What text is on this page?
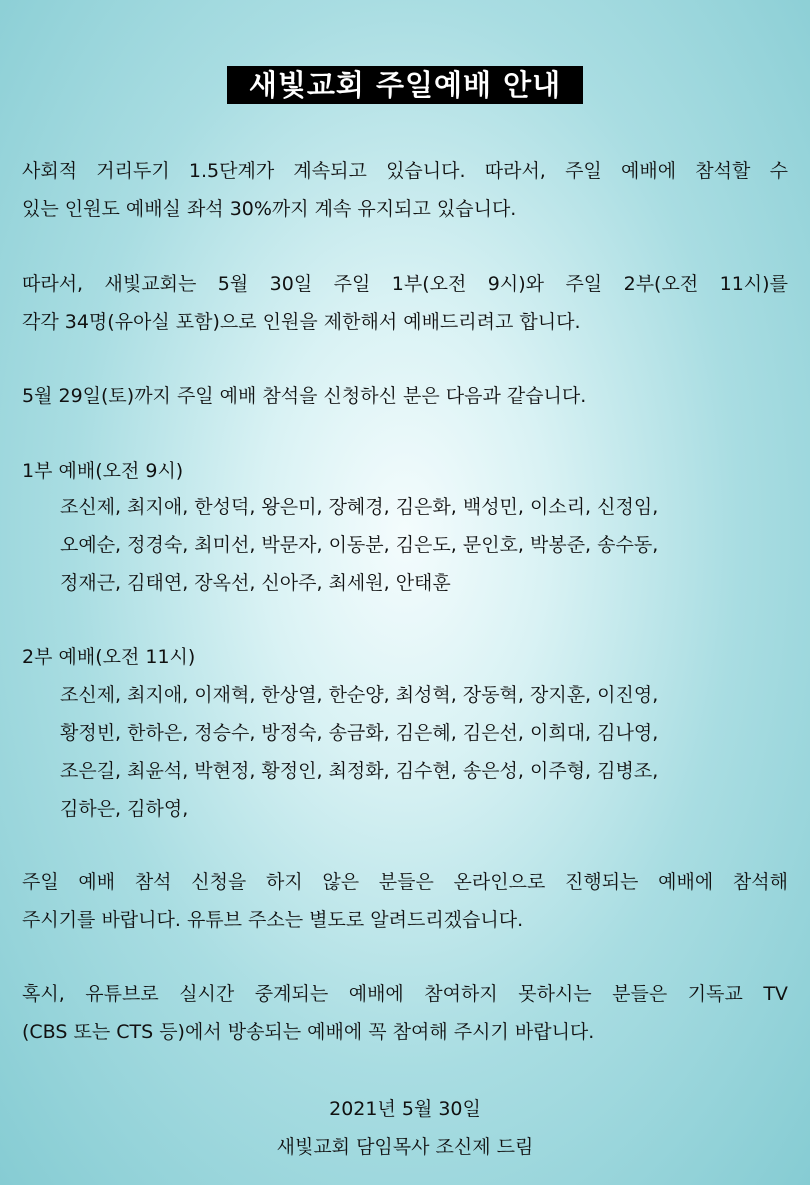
새빛교회 주일예배 안내
사회적 거리두기 1.5단계가 계속되고 있습니다. 따라서, 주일 예배에 참석할 수
있는 인원도 예배실 좌석 30%까지 계속 유지되고 있습니다.
따라서, 새빛교회는 5월 30일 주일 1부(오전 9시)와 주일 2부(오전 11시)를
각각 34명(유아실 포함)으로 인원을 제한해서 예배드리려고 합니다.
5월 29일(토)까지 주일 예배 참석을 신청하신 분은 다음과 같습니다.
1부 예배(오전 9시)
조신제, 최지애, 한성덕, 왕은미, 장혜경, 김은화, 백성민, 이소리, 신정임,
오예순, 정경숙, 최미선, 박문자, 이동분, 김은도, 문인호, 박봉준, 송수동,
정재근, 김태연, 장옥선, 신아주, 최세원, 안태훈
2부 예배(오전 11시)
조신제, 최지애, 이재혁, 한상열, 한순양, 최성혁, 장동혁, 장지훈, 이진영,
황정빈, 한하은, 정승수, 방정숙, 송금화, 김은혜, 김은선, 이희대, 김나영,
조은길, 최윤석, 박현정, 황정인, 최정화, 김수현, 송은성, 이주형, 김병조,
김하은, 김하영,
주일 예배 참석 신청을 하지 않은 분들은 온라인으로 진행되는 예배에 참석해
주시기를 바랍니다. 유튜브 주소는 별도로 알려드리겠습니다.
혹시, 유튜브로 실시간 중계되는 예배에 참여하지 못하시는 분들은 기독교 TV
(CBS 또는 CTS 등)에서 방송되는 예배에 꼭 참여해 주시기 바랍니다.
2021년 5월 30일
새빛교회 담임목사 조신제 드림
